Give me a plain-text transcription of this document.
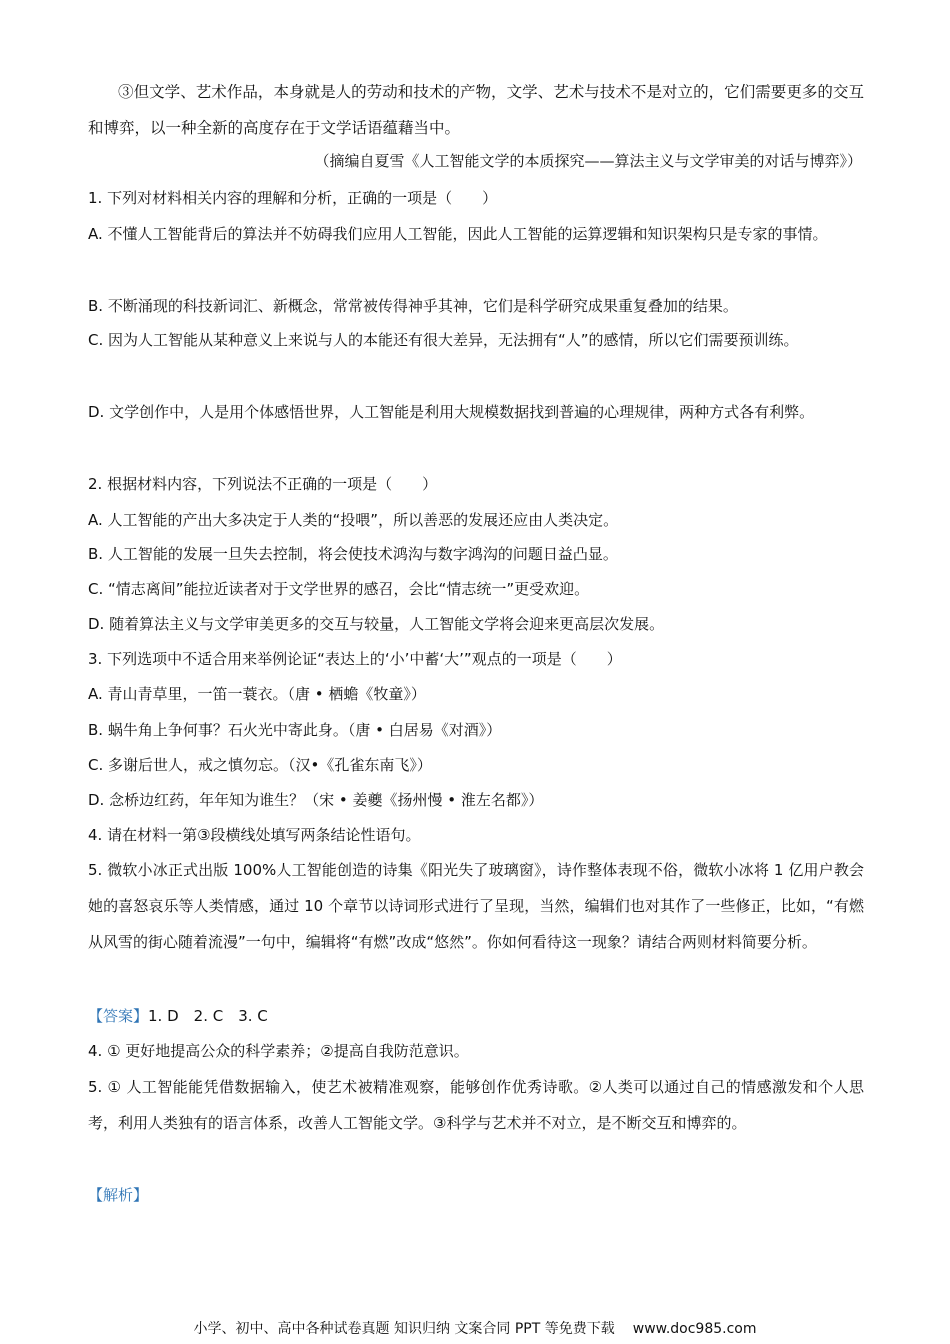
③但文学、艺术作品，本身就是人的劳动和技术的产物，文学、艺术与技术不是对立的，它们需要更多的交互和博弈，以一种全新的高度存在于文学话语蕴藉当中。
（摘编自夏雪《人工智能文学的本质探究——算法主义与文学审美的对话与博弈》）
1. 下列对材料相关内容的理解和分析，正确的一项是（　　）
A. 不懂人工智能背后的算法并不妨碍我们应用人工智能，因此人工智能的运算逻辑和知识架构只是专家的事情。
B. 不断涌现的科技新词汇、新概念，常常被传得神乎其神，它们是科学研究成果重复叠加的结果。
C. 因为人工智能从某种意义上来说与人的本能还有很大差异，无法拥有“人”的感情，所以它们需要预训练。
D. 文学创作中，人是用个体感悟世界，人工智能是利用大规模数据找到普遍的心理规律，两种方式各有利弊。
2. 根据材料内容，下列说法不正确的一项是（　　）
A. 人工智能的产出大多决定于人类的“投喂”，所以善恶的发展还应由人类决定。
B. 人工智能的发展一旦失去控制，将会使技术鸿沟与数字鸿沟的问题日益凸显。
C. “情志离间”能拉近读者对于文学世界的感召，会比“情志统一”更受欢迎。
D. 随着算法主义与文学审美更多的交互与较量，人工智能文学将会迎来更高层次发展。
3. 下列选项中不适合用来举例论证“表达上的‘小’中蓄‘大’”观点的一项是（　　）
A. 青山青草里，一笛一蓑衣。（唐 • 栖蟾《牧童》）
B. 蜗牛角上争何事？石火光中寄此身。（唐 • 白居易《对酒》）
C. 多谢后世人，戒之慎勿忘。（汉•《孔雀东南飞》）
D. 念桥边红药，年年知为谁生？（宋 • 姜夔《扬州慢 • 淮左名都》）
4. 请在材料一第③段横线处填写两条结论性语句。
5. 微软小冰正式出版 100%人工智能创造的诗集《阳光失了玻璃窗》，诗作整体表现不俗，微软小冰将 1 亿用户教会她的喜怒哀乐等人类情感，通过 10 个章节以诗词形式进行了呈现，当然，编辑们也对其作了一些修正，比如，“有燃从风雪的街心随着流漫”一句中，编辑将“有燃”改成“悠然”。你如何看待这一现象？请结合两则材料简要分析。
【答案】1. D　2. C　3. C
4. ① 更好地提高公众的科学素养；②提高自我防范意识。
5. ① 人工智能能凭借数据输入，使艺术被精准观察，能够创作优秀诗歌。②人类可以通过自己的情感激发和个人思考，利用人类独有的语言体系，改善人工智能文学。③科学与艺术并不对立，是不断交互和博弈的。
【解析】
小学、初中、高中各种试卷真题 知识归纳 文案合同 PPT 等免费下载 www.doc985.com
